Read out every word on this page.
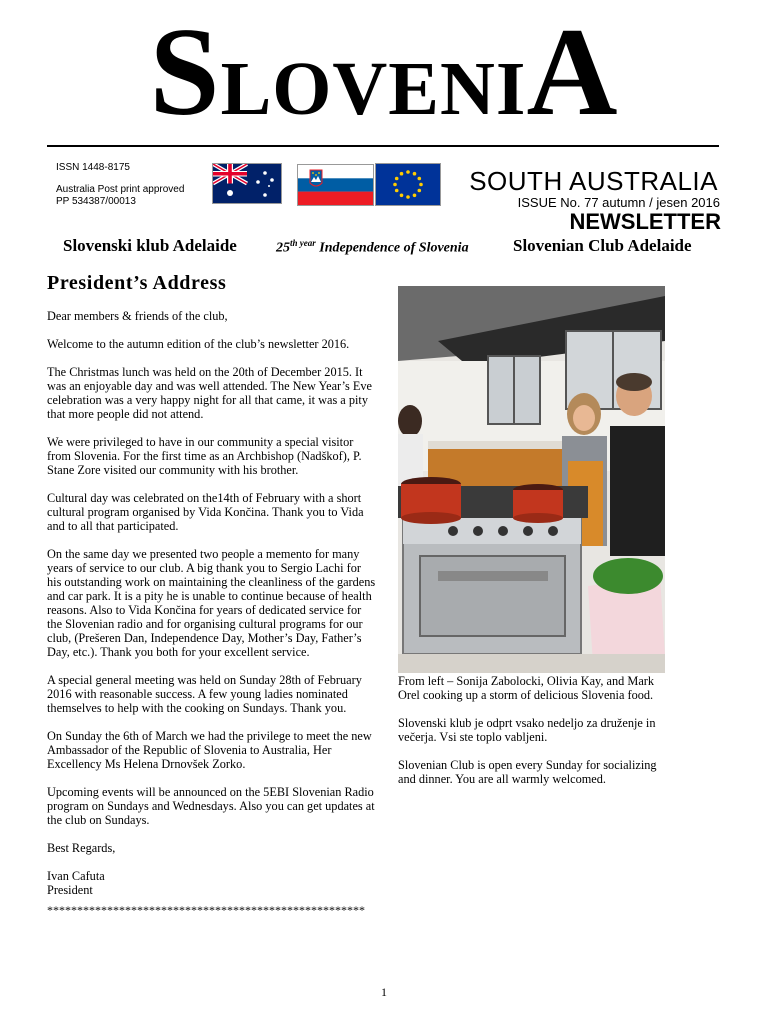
SLOVENIA
ISSN 1448-8175
Australia Post print approved
PP 534387/00013
SOUTH AUSTRALIA
ISSUE No. 77 autumn / jesen 2016
NEWSLETTER
Slovenski klub Adelaide	$25^{th year}$ Independence of Slovenia	Slovenian Club Adelaide
President’s Address

Dear members & friends of the club,

Welcome to the autumn edition of the club’s newsletter 2016.

The Christmas lunch was held on the 20th of December 2015. It was an enjoyable day and was well attended. The New Year’s Eve celebration was a very happy night for all that came, it was a pity that more people did not attend.

We were privileged to have in our community a special visitor from Slovenia. For the first time as an Archbishop (Nadškof), P. Stane Zore visited our community with his brother.

Cultural day was celebrated on the14th of February with a short cultural program organised by Vida Končina. Thank you to Vida and to all that participated.

On the same day we presented two people a memento for many years of service to our club. A big thank you to Sergio Lachi for his outstanding work on maintaining the cleanliness of the gardens and car park. It is a pity he is unable to continue because of health reasons. Also to Vida Končina for years of dedicated service for the Slovenian radio and for organising cultural programs for our club, (Prešeren Dan, Independence Day, Mother’s Day, Father’s Day, etc.). Thank you both for your excellent service.

A special general meeting was held on Sunday 28th of February 2016 with reasonable success. A few young ladies nominated themselves to help with the cooking on Sundays. Thank you.

On Sunday the 6th of March we had the privilege to meet the new Ambassador of the Republic of Slovenia to Australia, Her Excellency Ms Helena Drnovšek Zorko.

Upcoming events will be announced on the 5EBI Slovenian Radio program on Sundays and Wednesdays. Also you can get updates at the club on Sundays.

Best Regards,

Ivan Cafuta
President

*****************************************************

From left – Sonija Zabolocki, Olivia Kay, and Mark Orel cooking up a storm of delicious Slovenia food.

Slovenski klub je odprt vsako nedeljo za druženje in večerja. Vsi ste toplo vabljeni.

Slovenian Club is open every Sunday for socializing and dinner. You are all warmly welcomed.

1
